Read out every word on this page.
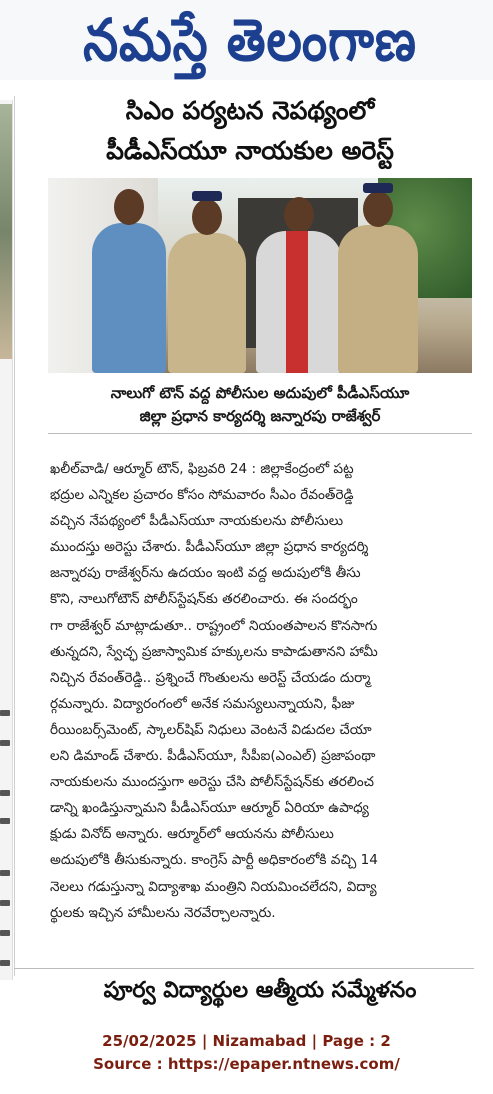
నమస్తే తెలంగాణ
సిఎం పర్యటన నెపథ్యంలో
పీడీఎస్‌యూ నాయకుల అరెస్ట్
నాలుగో టౌన్ వద్ద పోలీసుల అదుపులో పీడీఎస్‌యూ
జిల్లా ప్రధాన కార్యదర్శి జన్నారపు రాజేశ్వర్
ఖలీల్‌వాడి/ ఆర్మూర్ టౌన్, ఫిబ్రవరి 24 : జిల్లాకేంద్రంలో పట్ట
భద్రుల ఎన్నికల ప్రచారం కోసం సోమవారం సీఎం రేవంత్‌రెడ్డి
వచ్చిన నేపథ్యంలో పీడీఎస్‌యూ నాయకులను పోలీసులు
ముందస్తు అరెస్టు చేశారు. పీడీఎస్‌యూ జిల్లా ప్రధాన కార్యదర్శి
జన్నారపు రాజేశ్వర్‌ను ఉదయం ఇంటి వద్ద అదుపులోకి తీసు
కొని, నాలుగోటౌన్ పోలీస్‌స్టేషన్‌కు తరలించారు. ఈ సందర్భం
గా రాజేశ్వర్ మాట్లాడుతూ.. రాష్ట్రంలో నియంతపాలన కొనసాగు
తున్నదని, స్వేచ్ఛ ప్రజాస్వామిక హక్కులను కాపాడుతానని హామీ
నిచ్చిన రేవంత్‌రెడ్డి.. ప్రశ్నించే గొంతులను అరెస్ట్ చేయడం దుర్మా
ర్గమన్నారు. విద్యారంగంలో అనేక సమస్యలున్నాయని, ఫీజు
రీయింబర్స్‌మెంట్, స్కాలర్‌షిప్ నిధులు వెంటనే విడుదల చేయా
లని డిమాండ్ చేశారు. పీడీఎస్‌యూ, సీపీఐ(ఎంఎల్) ప్రజాపంథా
నాయకులను ముందస్తుగా అరెస్టు చేసి పోలీస్‌స్టేషన్‌కు తరలించ
డాన్ని ఖండిస్తున్నామని పీడీఎస్‌యూ ఆర్మూర్ ఏరియా ఉపాధ్య
క్షుడు వినోద్ అన్నారు. ఆర్మూర్‌లో ఆయనను పోలీసులు
అదుపులోకి తీసుకున్నారు. కాంగ్రెస్ పార్టీ అధికారంలోకి వచ్చి 14
నెలలు గడుస్తున్నా విద్యాశాఖ మంత్రిని నియమించలేదని, విద్యా
ర్థులకు ఇచ్చిన హామీలను నెరవేర్చాలన్నారు.
పూర్వ విద్యార్థుల ఆత్మీయ సమ్మేళనం
25/02/2025 | Nizamabad | Page : 2
Source : https://epaper.ntnews.com/
